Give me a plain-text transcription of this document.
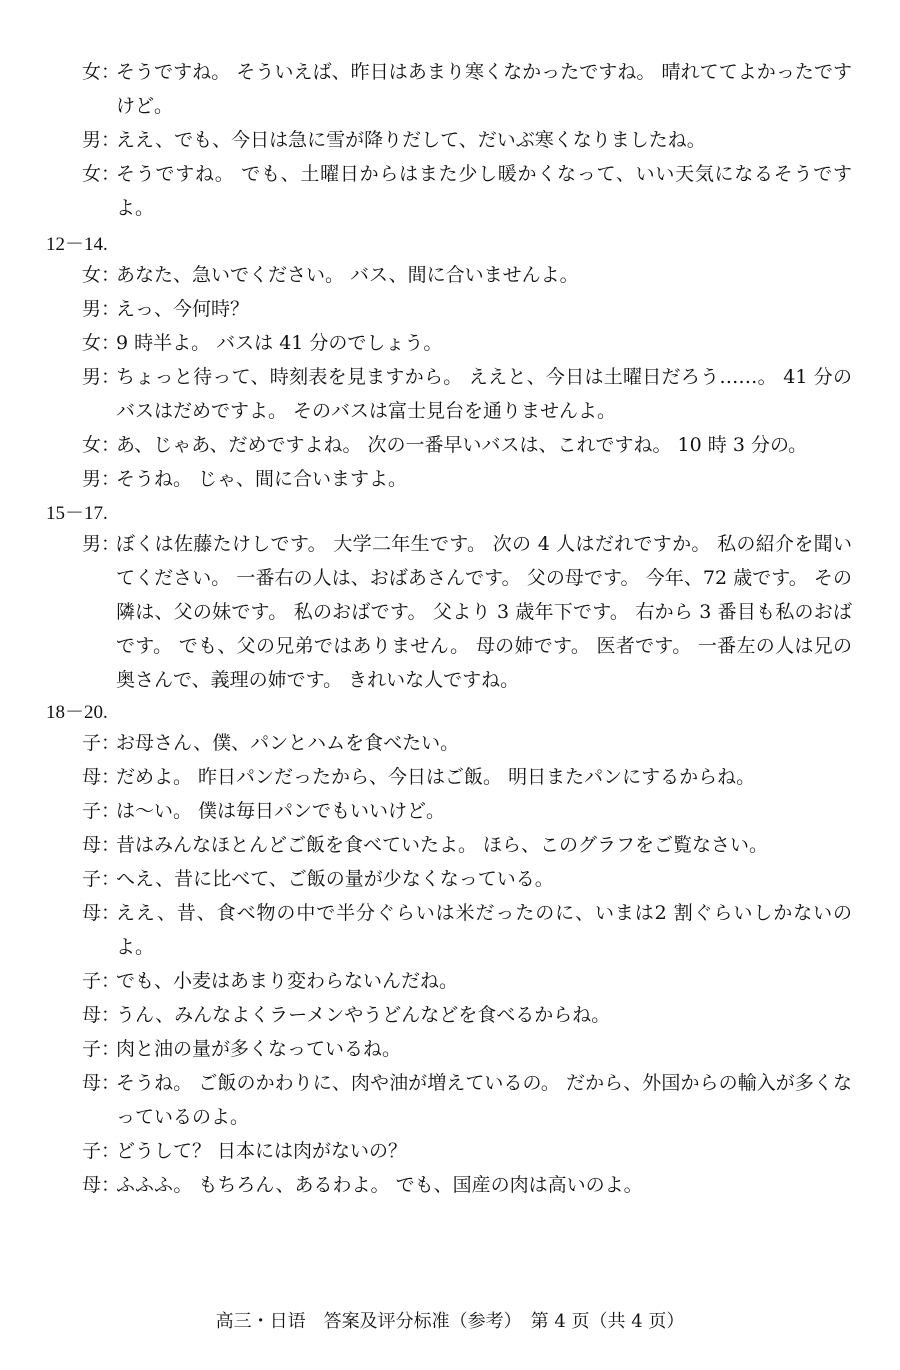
女：
そうですね。 そういえば、昨日はあまり寒くなかったですね。 晴れててよかったですけど。
男：
ええ、でも、今日は急に雪が降りだして、だいぶ寒くなりましたね。
女：
そうですね。 でも、土曜日からはまた少し暖かくなって、いい天気になるそうですよ。
12－14.
女：
あなた、急いでください。 バス、間に合いませんよ。
男：
えっ、今何時？
女：
9 時半よ。 バスは 41 分のでしょう。
男：
ちょっと待って、時刻表を見ますから。 ええと、今日は土曜日だろう……。 41 分のバスはだめですよ。 そのバスは富士見台を通りませんよ。
女：
あ、じゃあ、だめですよね。 次の一番早いバスは、これですね。 10 時 3 分の。
男：
そうね。 じゃ、間に合いますよ。
15－17.
男：
ぼくは佐藤たけしです。 大学二年生です。 次の 4 人はだれですか。 私の紹介を聞いてください。 一番右の人は、おばあさんです。 父の母です。 今年、72 歳です。 その隣は、父の妹です。 私のおばです。 父より 3 歳年下です。 右から 3 番目も私のおばです。 でも、父の兄弟ではありません。 母の姉です。 医者です。 一番左の人は兄の奥さんで、義理の姉です。 きれいな人ですね。
18－20.
子：
お母さん、僕、パンとハムを食べたい。
母：
だめよ。 昨日パンだったから、今日はご飯。 明日またパンにするからね。
子：
は〜い。 僕は毎日パンでもいいけど。
母：
昔はみんなほとんどご飯を食べていたよ。 ほら、このグラフをご覧なさい。
子：
へえ、昔に比べて、ご飯の量が少なくなっている。
母：
ええ、昔、食べ物の中で半分ぐらいは米だったのに、いまは2 割ぐらいしかないのよ。
子：
でも、小麦はあまり変わらないんだね。
母：
うん、みんなよくラーメンやうどんなどを食べるからね。
子：
肉と油の量が多くなっているね。
母：
そうね。 ご飯のかわりに、肉や油が増えているの。 だから、外国からの輸入が多くなっているのよ。
子：
どうして？ 日本には肉がないの？
母：
ふふふ。 もちろん、あるわよ。 でも、国産の肉は高いのよ。
高三・日语　答案及评分标准（参考）　第 4 页（共 4 页）
